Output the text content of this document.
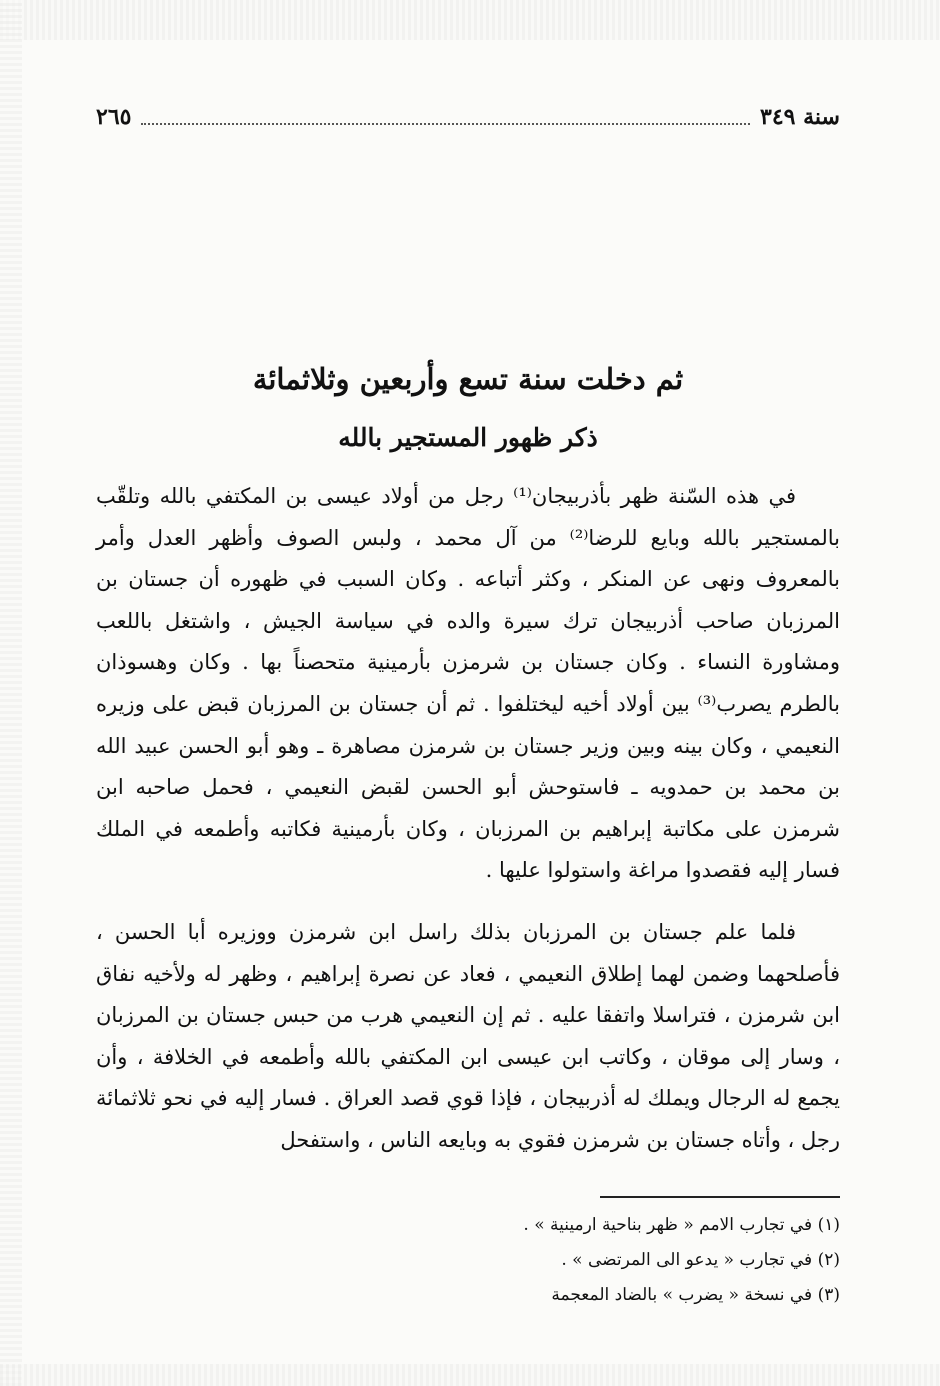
سنة ٣٤٩
٢٦٥
ثم دخلت سنة تسع وأربعين وثلاثمائة
ذكر ظهور المستجير بالله

في هذه السّنة ظهر بأذربيجان⁽¹⁾ رجل من أولاد عيسى بن المكتفي بالله وتلقّب بالمستجير بالله وبايع للرضا⁽²⁾ من آل محمد ، ولبس الصوف وأظهر العدل وأمر بالمعروف ونهى عن المنكر ، وكثر أتباعه . وكان السبب في ظهوره أن جستان بن المرزبان صاحب أذربيجان ترك سيرة والده في سياسة الجيش ، واشتغل باللعب ومشاورة النساء . وكان جستان بن شرمزن بأرمينية متحصناً بها . وكان وهسوذان بالطرم يصرب⁽³⁾ بين أولاد أخيه ليختلفوا . ثم أن جستان بن المرزبان قبض على وزيره النعيمي ، وكان بينه وبين وزير جستان بن شرمزن مصاهرة ـ وهو أبو الحسن عبيد الله بن محمد بن حمدويه ـ فاستوحش أبو الحسن لقبض النعيمي ، فحمل صاحبه ابن شرمزن على مكاتبة إبراهيم بن المرزبان ، وكان بأرمينية فكاتبه وأطمعه في الملك فسار إليه فقصدوا مراغة واستولوا عليها .

فلما علم جستان بن المرزبان بذلك راسل ابن شرمزن ووزيره أبا الحسن ، فأصلحهما وضمن لهما إطلاق النعيمي ، فعاد عن نصرة إبراهيم ، وظهر له ولأخيه نفاق ابن شرمزن ، فتراسلا واتفقا عليه . ثم إن النعيمي هرب من حبس جستان بن المرزبان ، وسار إلى موقان ، وكاتب ابن عيسى ابن المكتفي بالله وأطمعه في الخلافة ، وأن يجمع له الرجال ويملك له أذربيجان ، فإذا قوي قصد العراق . فسار إليه في نحو ثلاثمائة رجل ، وأتاه جستان بن شرمزن فقوي به وبايعه الناس ، واستفحل

(١) في تجارب الامم « ظهر بناحية ارمينية » .
(٢) في تجارب « يدعو الى المرتضى » .
(٣) في نسخة « يضرب » بالضاد المعجمة
